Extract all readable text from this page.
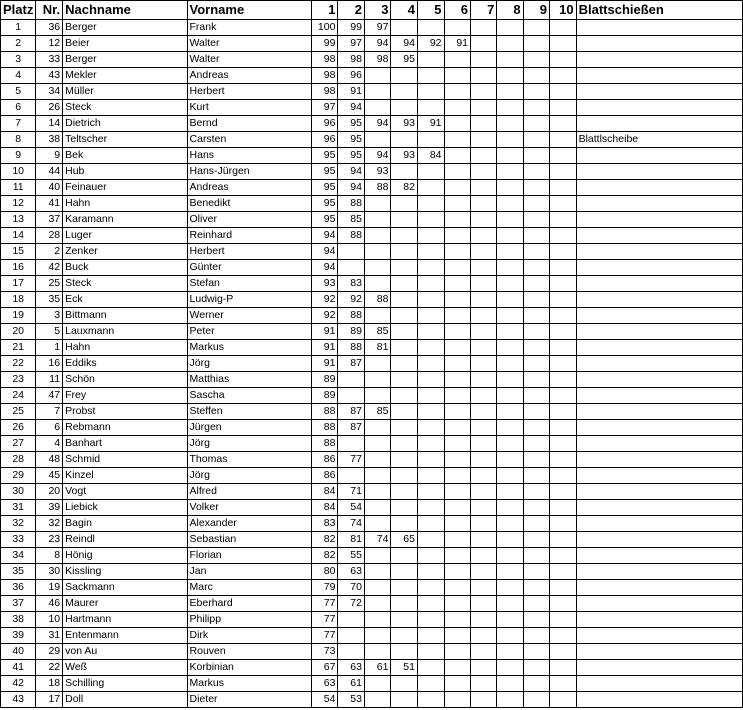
Platz	Nr.	Nachname	Vorname	1	2	3	4	5	6	7	8	9	10	Blattschießen
1	36	Berger	Frank	100	99	97								
2	12	Beier	Walter	99	97	94	94	92	91					
3	33	Berger	Walter	98	98	98	95							
4	43	Mekler	Andreas	98	96									
5	34	Müller	Herbert	98	91									
6	26	Steck	Kurt	97	94									
7	14	Dietrich	Bernd	96	95	94	93	91						
8	38	Teltscher	Carsten	96	95									Blattlscheibe
9	9	Bek	Hans	95	95	94	93	84						
10	44	Hub	Hans-Jürgen	95	94	93								
11	40	Feinauer	Andreas	95	94	88	82							
12	41	Hahn	Benedikt	95	88									
13	37	Karamann	Oliver	95	85									
14	28	Luger	Reinhard	94	88									
15	2	Zenker	Herbert	94										
16	42	Buck	Günter	94										
17	25	Steck	Stefan	93	83									
18	35	Eck	Ludwig-P	92	92	88								
19	3	Bittmann	Werner	92	88									
20	5	Lauxmann	Peter	91	89	85								
21	1	Hahn	Markus	91	88	81								
22	16	Eddiks	Jörg	91	87									
23	11	Schön	Matthias	89										
24	47	Frey	Sascha	89										
25	7	Probst	Steffen	88	87	85								
26	6	Rebmann	Jürgen	88	87									
27	4	Banhart	Jörg	88										
28	48	Schmid	Thomas	86	77									
29	45	Kinzel	Jörg	86										
30	20	Vogt	Alfred	84	71									
31	39	Liebick	Volker	84	54									
32	32	Bagin	Alexander	83	74									
33	23	Reindl	Sebastian	82	81	74	65							
34	8	Hönig	Florian	82	55									
35	30	Kissling	Jan	80	63									
36	19	Sackmann	Marc	79	70									
37	46	Maurer	Eberhard	77	72									
38	10	Hartmann	Philipp	77										
39	31	Entenmann	Dirk	77										
40	29	von Au	Rouven	73										
41	22	Weß	Korbinian	67	63	61	51							
42	18	Schilling	Markus	63	61									
43	17	Doll	Dieter	54	53									
